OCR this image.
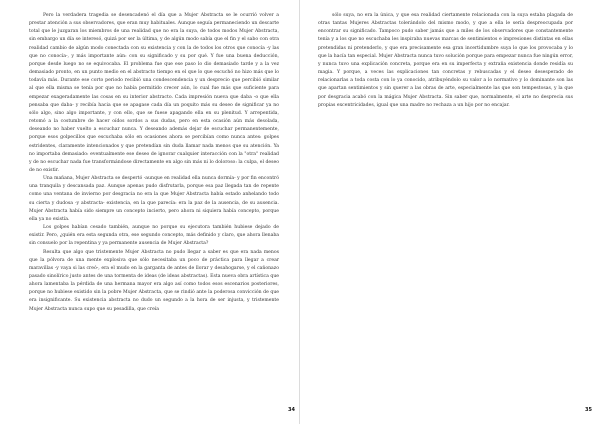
Pero la verdadera tragedia se desencadenó el día que a Mujer Abstracta se le ocurrió volver a prestar atención a sus observadores, que eran muy habituales. Aunque seguía permaneciendo un descarte total que le juzgaran los miembros de una realidad que no era la suya, de todos modos Mujer Abstracta, sin embargo un día se interesó, quizá por ser la última, y de algún modo sabía que el fin y el sabo con otra realidad cambio de algún modo conectada con su existencia y con la de todos los otros que conocía -y las que no conocía-, y más importante aún: con su significado y su por qué. Y fue una buena deducción, porque desde luego no se equivocaba. El problema fue que ese paso lo dio demasiado tarde y a la vez demasiado pronto, en un punto medio en el abstracto tiempo en el que lo que escuchó no hizo más que lo todavía más. Durante ese corto periodo recibió una condescendencia y un desprecio que percibió similar al que ella misma se tenía por que no había permitido crecer aún, lo cual fue más que suficiente para empezar exageradamente las cosas en su interior abstracto. Cada impresión nueva que daba -o que ella pensaba que daba- y recibía hacia que se apagase cada día un poquito más su deseo de significar ya no sólo algo, sino algo importante, y con ello, que se fuese apagando ella en su plenitud. Y arrepentida, retomó a la costumbre de hacer oídos sordos a sus dudas, pero en esta ocasión aún más desolada, deseando no haber vuelto a escuchar nunca. Y deseando además dejar de escuchar permanentemente, porque esos golpecillos que escuchaba sólo en ocasiones ahora se percibían como nunca antes: golpes estridentes, claramente intencionados y que pretendían sin duda llamar nada menos que su atención. Ya no importaba demasiado: eventualmente ese deseo de ignorar cualquier interacción con la "otra" realidad y de no escuchar nada fue transformándose directamente en algo sin más ni lo doloroso: la culpa, el deseo de no existir.

Una mañana, Mujer Abstracta se despertó -aunque en realidad ella nunca dormía- y por fin encontró una tranquila y descansada paz. Aunque apenas pudo disfrutarla, porque esa paz llegada tan de repente como una ventana de invierno por desgracia no era la que Mujer Abstracta había estado anhelando todo su cierta y dudosa -y abstracta- existencia, en la que parecía: era la paz de la ausencia, de su ausencia. Mujer Abstracta había sido siempre un concepto incierto, pero ahora ni siquiera había concepto, porque ella ya no existía.

Los golpes habían cesado también, aunque no porque su ejecutora también hubiese dejado de existir. Pero, ¿quién era esta segunda otra, ese segundo concepto, más definido y claro, que ahora llenaba sin consuelo por la repentina y ya permanente ausencia de Mujer Abstracta?

Resulta que algo que tristemente Mujer Abstracta no pudo llegar a saber es que era nada menos que la pólvora de una mente explosiva que sólo necesitaba un poco de práctica para llegar a crear maravillas -y vaya si las creó-, era el mudo en la garganta de antes de llorar y desahogarse, y el cañonazo pasado sinolírico justo antes de una tormenta de ideas (de ideas abstractas). Esta nueva obra artística que ahora lamentaba la pérdida de una hermana mayor era algo así como todos esos escenarios posteriores, porque no hubiese existido sin la pobre Mujer Abstracta, que se rindió ante la poderosa convicción de que era insignificante. Su existencia abstracta no dudo un segundo a la hora de ser injusta, y tristemente Mujer Abstracta nunca supo que su pesadilla, que creía

sólo suya, no era la única, y que esa realidad ciertamente relacionada con la suya estaba plagada de otras tantas Mujeres Abstractas tolerándolo del mismo modo, y que a ella le sería despreocupada por encontrar su significado. Tampoco pudo saber jamás que a miles de los observadores que constantemente tenía y a los que no escuchaba les inspiraba nuevas marcas de sentimientos e impresiones distintas en ellas pretendidas ni pretenderlo, y que era precisamente esa gran incertidumbre suya lo que los provocaba y lo que la hacía tan especial. Mujer Abstracta nunca tuvo solución porque para empezar nunca fue ningún error, y nunca tuvo una explicación concreta, porque era en su imperfecta y extraña existencia donde residía su magia. Y porque, a veces las explicaciones tan concretas y rebuscadas y el deseo desesperado de relacionarlas a toda costa con lo ya conocido, atribuyéndolo su valor a lo normativo y lo dominante son las que apartan sentimientos y sin querer a las obras de arte, especialmente las que son tempestosas, y la que por desgracia acabó con la mágica Mujer Abstracta. Sin saber que, normalmente, el arte no desprecia sus propias excentricidades, igual que una madre no rechaza a un hijo por no encajar.

34	35
